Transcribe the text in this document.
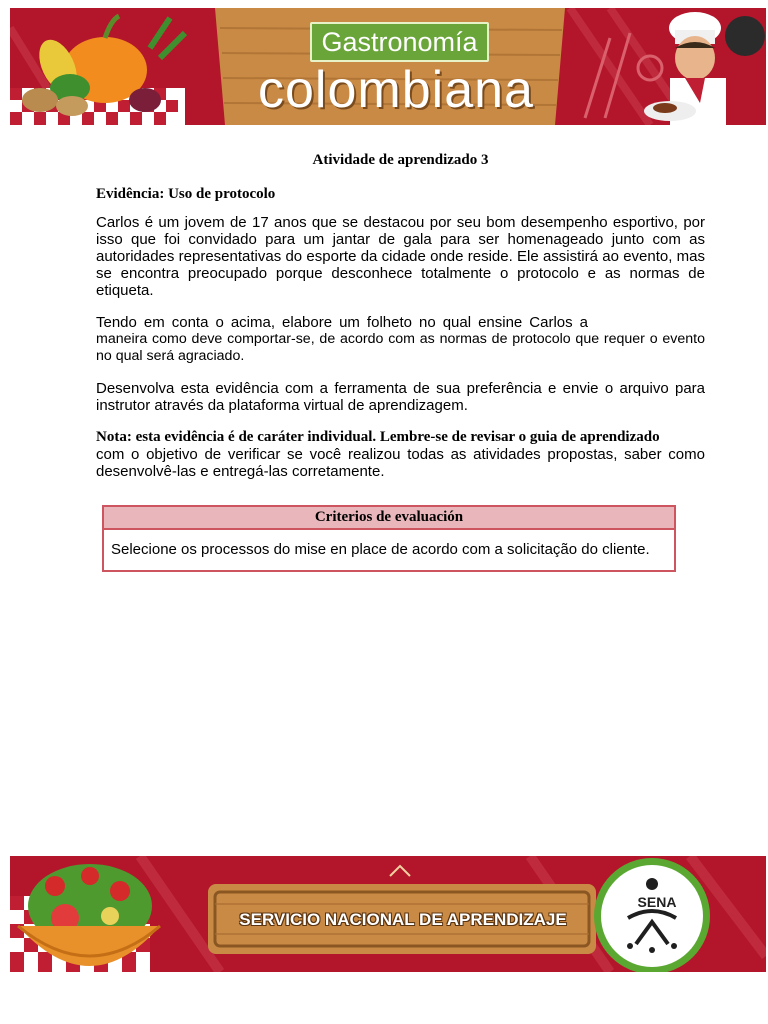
Gastronomía
colombiana
Atividade de aprendizado 3
Evidência: Uso de protocolo

Carlos é um jovem de 17 anos que se destacou por seu bom desempenho esportivo, por isso que foi convidado para um jantar de gala para ser homenageado junto com as autoridades representativas do esporte da cidade onde reside. Ele assistirá ao evento, mas se encontra preocupado porque desconhece totalmente o protocolo e as normas de etiqueta.

Tendo em conta o acima, elabore um folheto no qual ensine Carlos a
maneira como deve comportar-se, de acordo com as normas de protocolo que requer o evento no qual será agraciado.

Desenvolva esta evidência com a ferramenta de sua preferência e envie o arquivo para instrutor através da plataforma virtual de aprendizagem.

Nota: esta evidência é de caráter individual. Lembre-se de revisar o guia de aprendizado
com o objetivo de verificar se você realizou todas as atividades propostas, saber como desenvolvê-las e entregá-las corretamente.

Criterios de evaluación
Selecione os processos do mise en place de acordo com a solicitação do cliente.
SERVICIO NACIONAL DE APRENDIZAJE
SENA
